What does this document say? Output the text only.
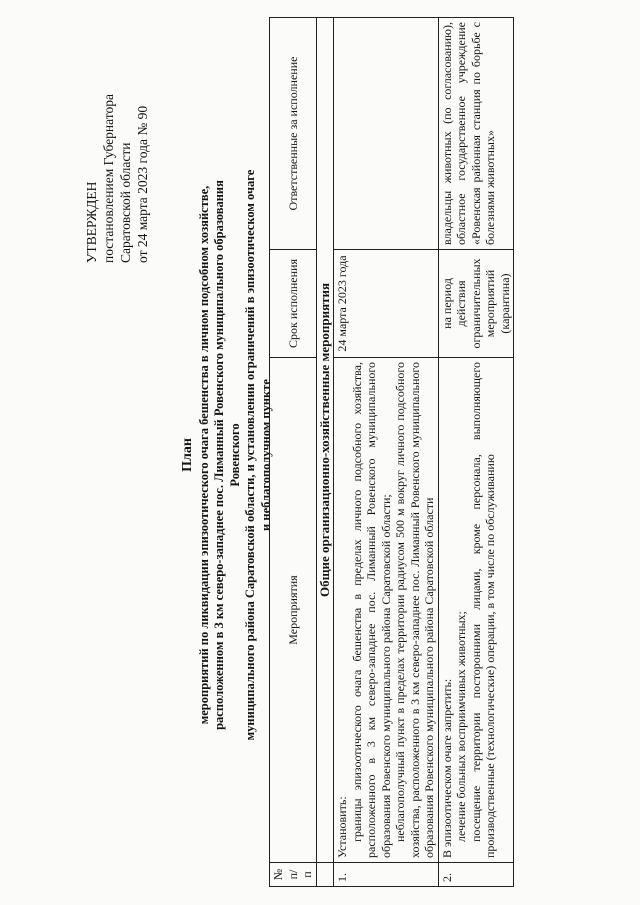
УТВЕРЖДЕН постановлением Губернатора Саратовской области от 24 марта 2023 года № 90
План мероприятий по ликвидации эпизоотического очага бешенства в личном подсобном хозяйстве, расположенном в 3 км северо-западнее пос. Лиманный Ровенского муниципального образования Ровенского муниципального района Саратовской области, и установлении ограничений в эпизоотическом очаге и неблагополучном пункте
№ п/п	Мероприятия	Срок исполнения	Ответственные за исполнение
	Общие организационно-хозяйственные мероприятия		
1.	Установить: границы эпизоотического очага бешенства в пределах личного подсобного хозяйства, расположенного в 3 км северо-западнее пос. Лиманный Ровенского муниципального образования Ровенского муниципального района Саратовской области; неблагополучный пункт в пределах территории радиусом 500 м вокруг личного подсобного хозяйства, расположенного в 3 км северо-западнее пос. Лиманный Ровенского муниципального образования Ровенского муниципального района Саратовской области	24 марта 2023 года	
2.	В эпизоотическом очаге запретить: лечение больных восприимчивых животных; посещение территории посторонними лицами, кроме персонала, выполняющего производственные (технологические) операции, в том числе по обслуживанию	на период действия ограничительных мероприятий (карантина)	владельцы животных (по согласованию), областное государственное учреждение «Ровенская районная станция по борьбе с болезнями животных»
